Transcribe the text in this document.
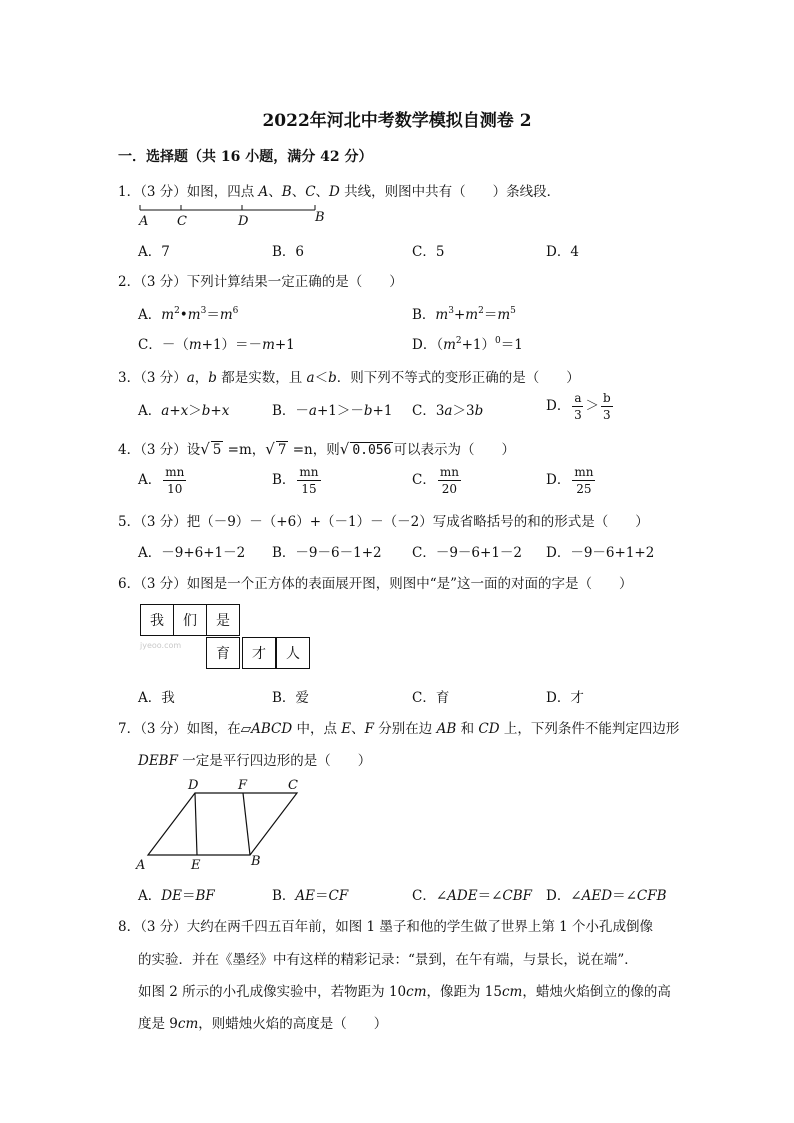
2022年河北中考数学模拟自测卷 2
一．选择题（共 16 小题，满分 42 分）
1．（3 分）如图，四点 A、B、C、D 共线，则图中共有（　　）条线段．
A C	D	B
A．7	B．6	C．5	D．4
2．（3 分）下列计算结果一定正确的是（　　）
A．$m^2•m^3=m^6$	B．$m^3+m^2=m^5$
C．－（m+1）＝－m+1	D．$(m^2+1)^0=1$
3．（3 分）a，b 都是实数，且 a＜b．则下列不等式的变形正确的是（　　）
A．a+x＞b+x	B．－a+1＞－b+1 C．3a＞3b	D． $\frac{a}{3} > \frac{b}{3}$
4．（3 分）设√ 5 =m，√ 7 =n，则√ 0.056 可以表示为（　　）
A． $\frac{mn}{10}$	B． $\frac{mn}{15}$	C． $\frac{mn}{20}$	D． $\frac{mn}{25}$
5．（3 分）把（－9）－（+6）+（－1）－（－2）写成省略括号的和的形式是（　　）
A．－9+6+1－2 B．－9－6－1+2 C．－9－6+1－2 D．－9－6+1+2
6．（3 分）如图是一个正方体的表面展开图，则图中“是”这一面的对面的字是（　　）
我	们	是
育	才	人
jyeoo.com
A．我	B．爱	C．育	D．才
7．（3 分）如图，在▱ABCD 中，点 E、F 分别在边 AB 和 CD 上，下列条件不能判定四边形
DEBF 一定是平行四边形的是（　　）
D	F	C
A	E	B
A．DE＝BF	B．AE＝CF	C．∠ADE＝∠CBF D．∠AED＝∠CFB
8．（3 分）大约在两千四五百年前，如图 1 墨子和他的学生做了世界上第 1 个小孔成倒像
的实验．并在《墨经》中有这样的精彩记录：“景到，在午有端，与景长，说在端”．
如图 2 所示的小孔成像实验中，若物距为 10cm，像距为 15cm，蜡烛火焰倒立的像的高
度是 9cm，则蜡烛火焰的高度是（　　）
